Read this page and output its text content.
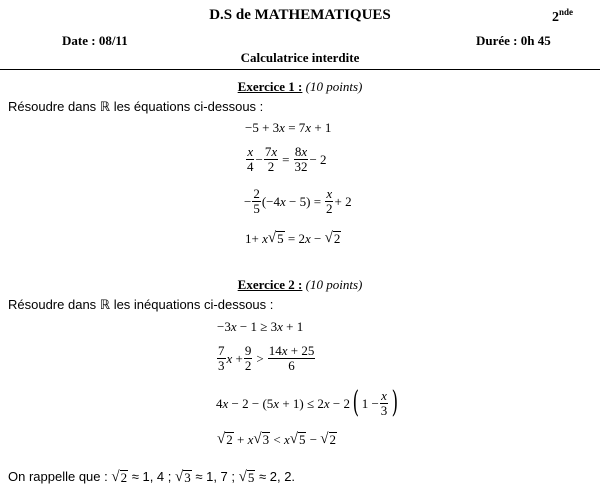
D.S de MATHEMATIQUES	2nde
Date : 08/11	Durée : 0h 45
Calculatrice interdite
Exercice 1 : (10 points)
Résoudre dans ℝ les équations ci-dessous :
−5 + 3x = 7x + 1
$\frac{x}{4} - \frac{7x}{2} = \frac{8x}{32} - 2$
− $\frac{2}{5} (-4x - 5) = \frac{x}{2} + 2$
1+ x √ 5 = 2x − √ 2
Exercice 2 : (10 points)
Résoudre dans ℝ les inéquations ci-dessous :
−3x − 1 ≥ 3x + 1
$\frac{7}{3}$ $x + \frac{9}{2} > \frac{14x + 25}{6}$
4x − 2 − (5x + 1) ≤ 2x − 2 ( $1 - \frac{x}{3}$ )
√ 2 + x √ 3 < x √ 5 − √ 2
On rappelle que :
√ 2
≈ 1, 4 ;
√ 3
≈ 1, 7 ;
√ 5
≈ 2, 2.
